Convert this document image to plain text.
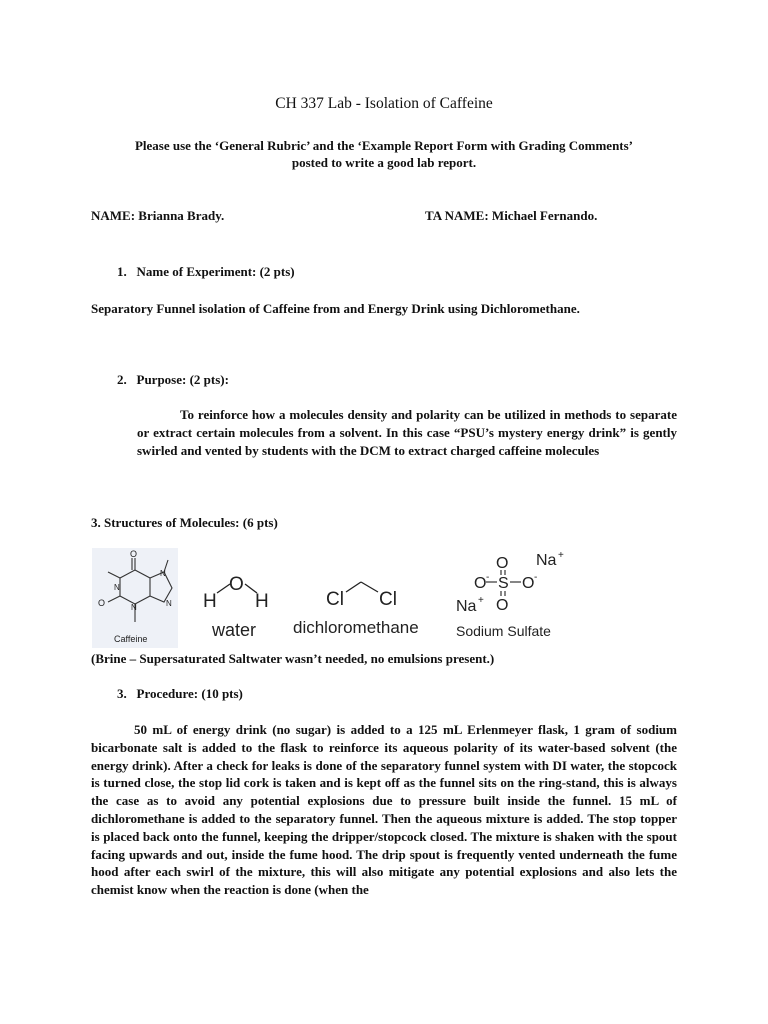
CH 337 Lab - Isolation of Caffeine
Please use the ‘General Rubric’ and the ‘Example Report Form with Grading Comments’
posted to write a good lab report.
NAME: Brianna Brady.	TA NAME: Michael Fernando.
1.   Name of Experiment: (2 pts)
Separatory Funnel isolation of Caffeine from and Energy Drink using Dichloromethane.
2.   Purpose: (2 pts):
To reinforce how a molecules density and polarity can be utilized in methods to separate or extract certain molecules from a solvent. In this case “PSU’s mystery energy drink” is gently swirled and vented by students with the DCM to extract charged caffeine molecules
3. Structures of Molecules: (6 pts)
O
O
N
N
N
N
Caffeine
O
H H
water
Cl Cl
dichloromethane
O Na +
O - S O -
Na + O
Sodium Sulfate
(Brine – Supersaturated Saltwater wasn’t needed, no emulsions present.)
3.   Procedure: (10 pts)
50 mL of energy drink (no sugar) is added to a 125 mL Erlenmeyer flask, 1 gram of sodium bicarbonate salt is added to the flask to reinforce its aqueous polarity of its water-based solvent (the energy drink). After a check for leaks is done of the separatory funnel system with DI water, the stopcock is turned close, the stop lid cork is taken and is kept off as the funnel sits on the ring-stand, this is always the case as to avoid any potential explosions due to pressure built inside the funnel. 15 mL of dichloromethane is added to the separatory funnel. Then the aqueous mixture is added. The stop topper is placed back onto the funnel, keeping the dripper/stopcock closed. The mixture is shaken with the spout facing upwards and out, inside the fume hood. The drip spout is frequently vented underneath the fume hood after each swirl of the mixture, this will also mitigate any potential explosions and also lets the chemist know when the reaction is done (when the
